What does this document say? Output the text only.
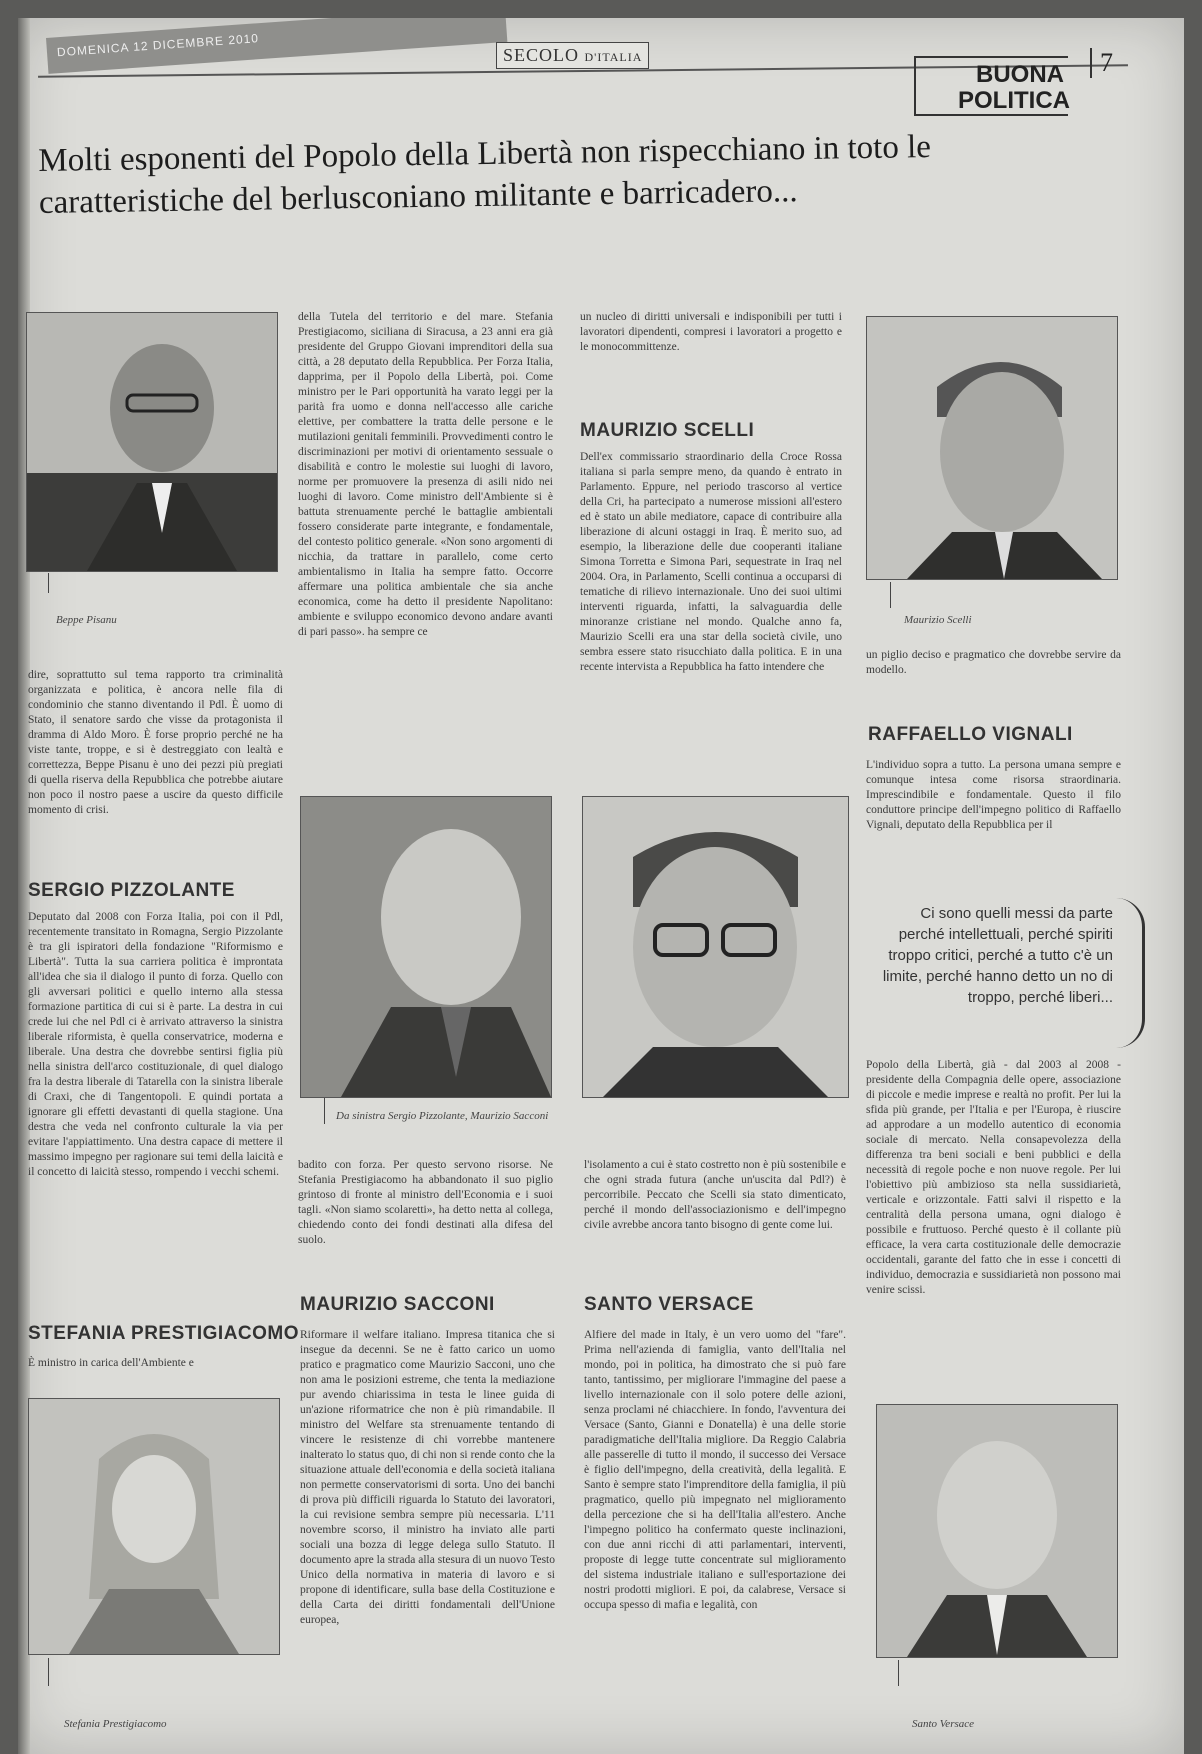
DOMENICA 12 DICEMBRE 2010	SECOLO D'ITALIA
BUONA POLITICA
7
Molti esponenti del Popolo della Libertà non rispecchiano in toto le caratteristiche del berlusconiano militante e barricadero...
Beppe Pisanu
dire, soprattutto sul tema rapporto tra criminalità organizzata e politica, è ancora nelle fila di condominio che stanno diventando il Pdl. È uomo di Stato, il senatore sardo che visse da protagonista il dramma di Aldo Moro. È forse proprio perché ne ha viste tante, troppe, e si è destreggiato con lealtà e correttezza, Beppe Pisanu è uno dei pezzi più pregiati di quella riserva della Repubblica che potrebbe aiutare non poco il nostro paese a uscire da questo difficile momento di crisi.
SERGIO PIZZOLANTE
Deputato dal 2008 con Forza Italia, poi con il Pdl, recentemente transitato in Romagna, Sergio Pizzolante è tra gli ispiratori della fondazione "Riformismo e Libertà". Tutta la sua carriera politica è improntata all'idea che sia il dialogo il punto di forza. Quello con gli avversari politici e quello interno alla stessa formazione partitica di cui si è parte. La destra in cui crede lui che nel Pdl ci è arrivato attraverso la sinistra liberale riformista, è quella conservatrice, moderna e liberale. Una destra che dovrebbe sentirsi figlia più nella sinistra dell'arco costituzionale, di quel dialogo fra la destra liberale di Tatarella con la sinistra liberale di Craxi, che di Tangentopoli. E quindi portata a ignorare gli effetti devastanti di quella stagione. Una destra che veda nel confronto culturale la via per evitare l'appiattimento. Una destra capace di mettere il massimo impegno per ragionare sui temi della laicità e il concetto di laicità stesso, rompendo i vecchi schemi.
STEFANIA PRESTIGIACOMO
È ministro in carica dell'Ambiente e
Stefania Prestigiacomo
della Tutela del territorio e del mare. Stefania Prestigiacomo, siciliana di Siracusa, a 23 anni era già presidente del Gruppo Giovani imprenditori della sua città, a 28 deputato della Repubblica. Per Forza Italia, dapprima, per il Popolo della Libertà, poi. Come ministro per le Pari opportunità ha varato leggi per la parità fra uomo e donna nell'accesso alle cariche elettive, per combattere la tratta delle persone e le mutilazioni genitali femminili. Provvedimenti contro le discriminazioni per motivi di orientamento sessuale o disabilità e contro le molestie sui luoghi di lavoro, norme per promuovere la presenza di asili nido nei luoghi di lavoro. Come ministro dell'Ambiente si è battuta strenuamente perché le battaglie ambientali fossero considerate parte integrante, e fondamentale, del contesto politico generale. «Non sono argomenti di nicchia, da trattare in parallelo, come certo ambientalismo in Italia ha sempre fatto. Occorre affermare una politica ambientale che sia anche economica, come ha detto il presidente Napolitano: ambiente e sviluppo economico devono andare avanti di pari passo». ha sempre ce
Da sinistra Sergio Pizzolante, Maurizio Sacconi
badito con forza. Per questo servono risorse. Ne Stefania Prestigiacomo ha abbandonato il suo piglio grintoso di fronte al ministro dell'Economia e i suoi tagli. «Non siamo scolaretti», ha detto netta al collega, chiedendo conto dei fondi destinati alla difesa del suolo.
MAURIZIO SACCONI
Riformare il welfare italiano. Impresa titanica che si insegue da decenni. Se ne è fatto carico un uomo pratico e pragmatico come Maurizio Sacconi, uno che non ama le posizioni estreme, che tenta la mediazione pur avendo chiarissima in testa le linee guida di un'azione riformatrice che non è più rimandabile. Il ministro del Welfare sta strenuamente tentando di vincere le resistenze di chi vorrebbe mantenere inalterato lo status quo, di chi non si rende conto che la situazione attuale dell'economia e della società italiana non permette conservatorismi di sorta. Uno dei banchi di prova più difficili riguarda lo Statuto dei lavoratori, la cui revisione sembra sempre più necessaria. L'11 novembre scorso, il ministro ha inviato alle parti sociali una bozza di legge delega sullo Statuto. Il documento apre la strada alla stesura di un nuovo Testo Unico della normativa in materia di lavoro e si propone di identificare, sulla base della Costituzione e della Carta dei diritti fondamentali dell'Unione europea,
un nucleo di diritti universali e indisponibili per tutti i lavoratori dipendenti, compresi i lavoratori a progetto e le monocommittenze.
MAURIZIO SCELLI
Dell'ex commissario straordinario della Croce Rossa italiana si parla sempre meno, da quando è entrato in Parlamento. Eppure, nel periodo trascorso al vertice della Cri, ha partecipato a numerose missioni all'estero ed è stato un abile mediatore, capace di contribuire alla liberazione di alcuni ostaggi in Iraq. È merito suo, ad esempio, la liberazione delle due cooperanti italiane Simona Torretta e Simona Pari, sequestrate in Iraq nel 2004. Ora, in Parlamento, Scelli continua a occuparsi di tematiche di rilievo internazionale. Uno dei suoi ultimi interventi riguarda, infatti, la salvaguardia delle minoranze cristiane nel mondo. Qualche anno fa, Maurizio Scelli era una star della società civile, uno sembra essere stato risucchiato dalla politica. E in una recente intervista a Repubblica ha fatto intendere che
l'isolamento a cui è stato costretto non è più sostenibile e che ogni strada futura (anche un'uscita dal Pdl?) è percorribile. Peccato che Scelli sia stato dimenticato, perché il mondo dell'associazionismo e dell'impegno civile avrebbe ancora tanto bisogno di gente come lui.
SANTO VERSACE
Alfiere del made in Italy, è un vero uomo del "fare". Prima nell'azienda di famiglia, vanto dell'Italia nel mondo, poi in politica, ha dimostrato che si può fare tanto, tantissimo, per migliorare l'immagine del paese a livello internazionale con il solo potere delle azioni, senza proclami né chiacchiere. In fondo, l'avventura dei Versace (Santo, Gianni e Donatella) è una delle storie paradigmatiche dell'Italia migliore. Da Reggio Calabria alle passerelle di tutto il mondo, il successo dei Versace è figlio dell'impegno, della creatività, della legalità. E Santo è sempre stato l'imprenditore della famiglia, il più pragmatico, quello più impegnato nel miglioramento della percezione che si ha dell'Italia all'estero. Anche l'impegno politico ha confermato queste inclinazioni, con due anni ricchi di atti parlamentari, interventi, proposte di legge tutte concentrate sul miglioramento del sistema industriale italiano e sull'esportazione dei nostri prodotti migliori. E poi, da calabrese, Versace si occupa spesso di mafia e legalità, con
Maurizio Scelli
un piglio deciso e pragmatico che dovrebbe servire da modello.
RAFFAELLO VIGNALI
L'individuo sopra a tutto. La persona umana sempre e comunque intesa come risorsa straordinaria. Imprescindibile e fondamentale. Questo il filo conduttore principe dell'impegno politico di Raffaello Vignali, deputato della Repubblica per il
Ci sono quelli messi da parte perché intellettuali, perché spiriti troppo critici, perché a tutto c'è un limite, perché hanno detto un no di troppo, perché liberi...
Popolo della Libertà, già - dal 2003 al 2008 - presidente della Compagnia delle opere, associazione di piccole e medie imprese e realtà no profit. Per lui la sfida più grande, per l'Italia e per l'Europa, è riuscire ad approdare a un modello autentico di economia sociale di mercato. Nella consapevolezza della differenza tra beni sociali e beni pubblici e della necessità di regole poche e non nuove regole. Per lui l'obiettivo più ambizioso sta nella sussidiarietà, verticale e orizzontale. Fatti salvi il rispetto e la centralità della persona umana, ogni dialogo è possibile e fruttuoso. Perché questo è il collante più efficace, la vera carta costituzionale delle democrazie occidentali, garante del fatto che in esse i concetti di individuo, democrazia e sussidiarietà non possono mai venire scissi.
Santo Versace
